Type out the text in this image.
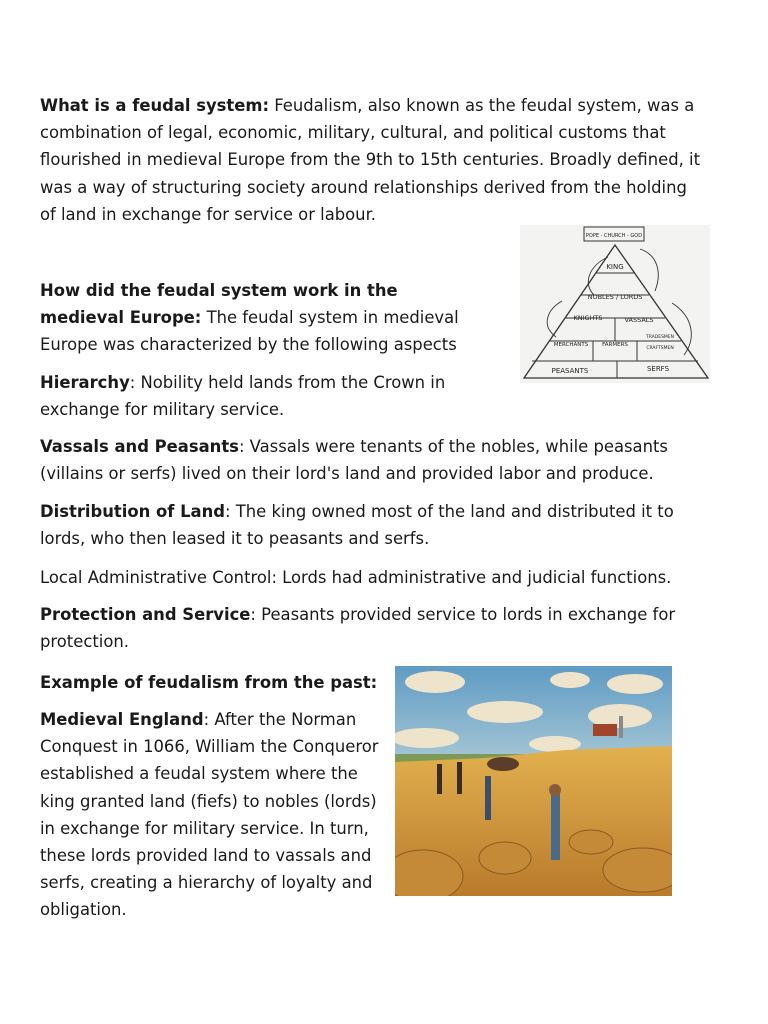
What is a feudal system: Feudalism, also known as the feudal system, was a combination of legal, economic, military, cultural, and political customs that flourished in medieval Europe from the 9th to 15th centuries. Broadly defined, it was a way of structuring society around relationships derived from the holding of land in exchange for service or labour.

How did the feudal system work in the medieval Europe: The feudal system in medieval Europe was characterized by the following aspects

Hierarchy: Nobility held lands from the Crown in exchange for military service.

Vassals and Peasants: Vassals were tenants of the nobles, while peasants (villains or serfs) lived on their lord's land and provided labor and produce.

Distribution of Land: The king owned most of the land and distributed it to lords, who then leased it to peasants and serfs.

Local Administrative Control: Lords had administrative and judicial functions.

Protection and Service: Peasants provided service to lords in exchange for protection.

Example of feudalism from the past:

Medieval England: After the Norman Conquest in 1066, William the Conqueror established a feudal system where the king granted land (fiefs) to nobles (lords) in exchange for military service. In turn, these lords provided land to vassals and serfs, creating a hierarchy of loyalty and obligation.

POPE - CHURCH - GOD
KING
NOBLES / LORDS
KNIGHTS	VASSALS
MERCHANTS	FARMERS
TRADESMEN
CRAFTSMEN
PEASANTS	SERFS
